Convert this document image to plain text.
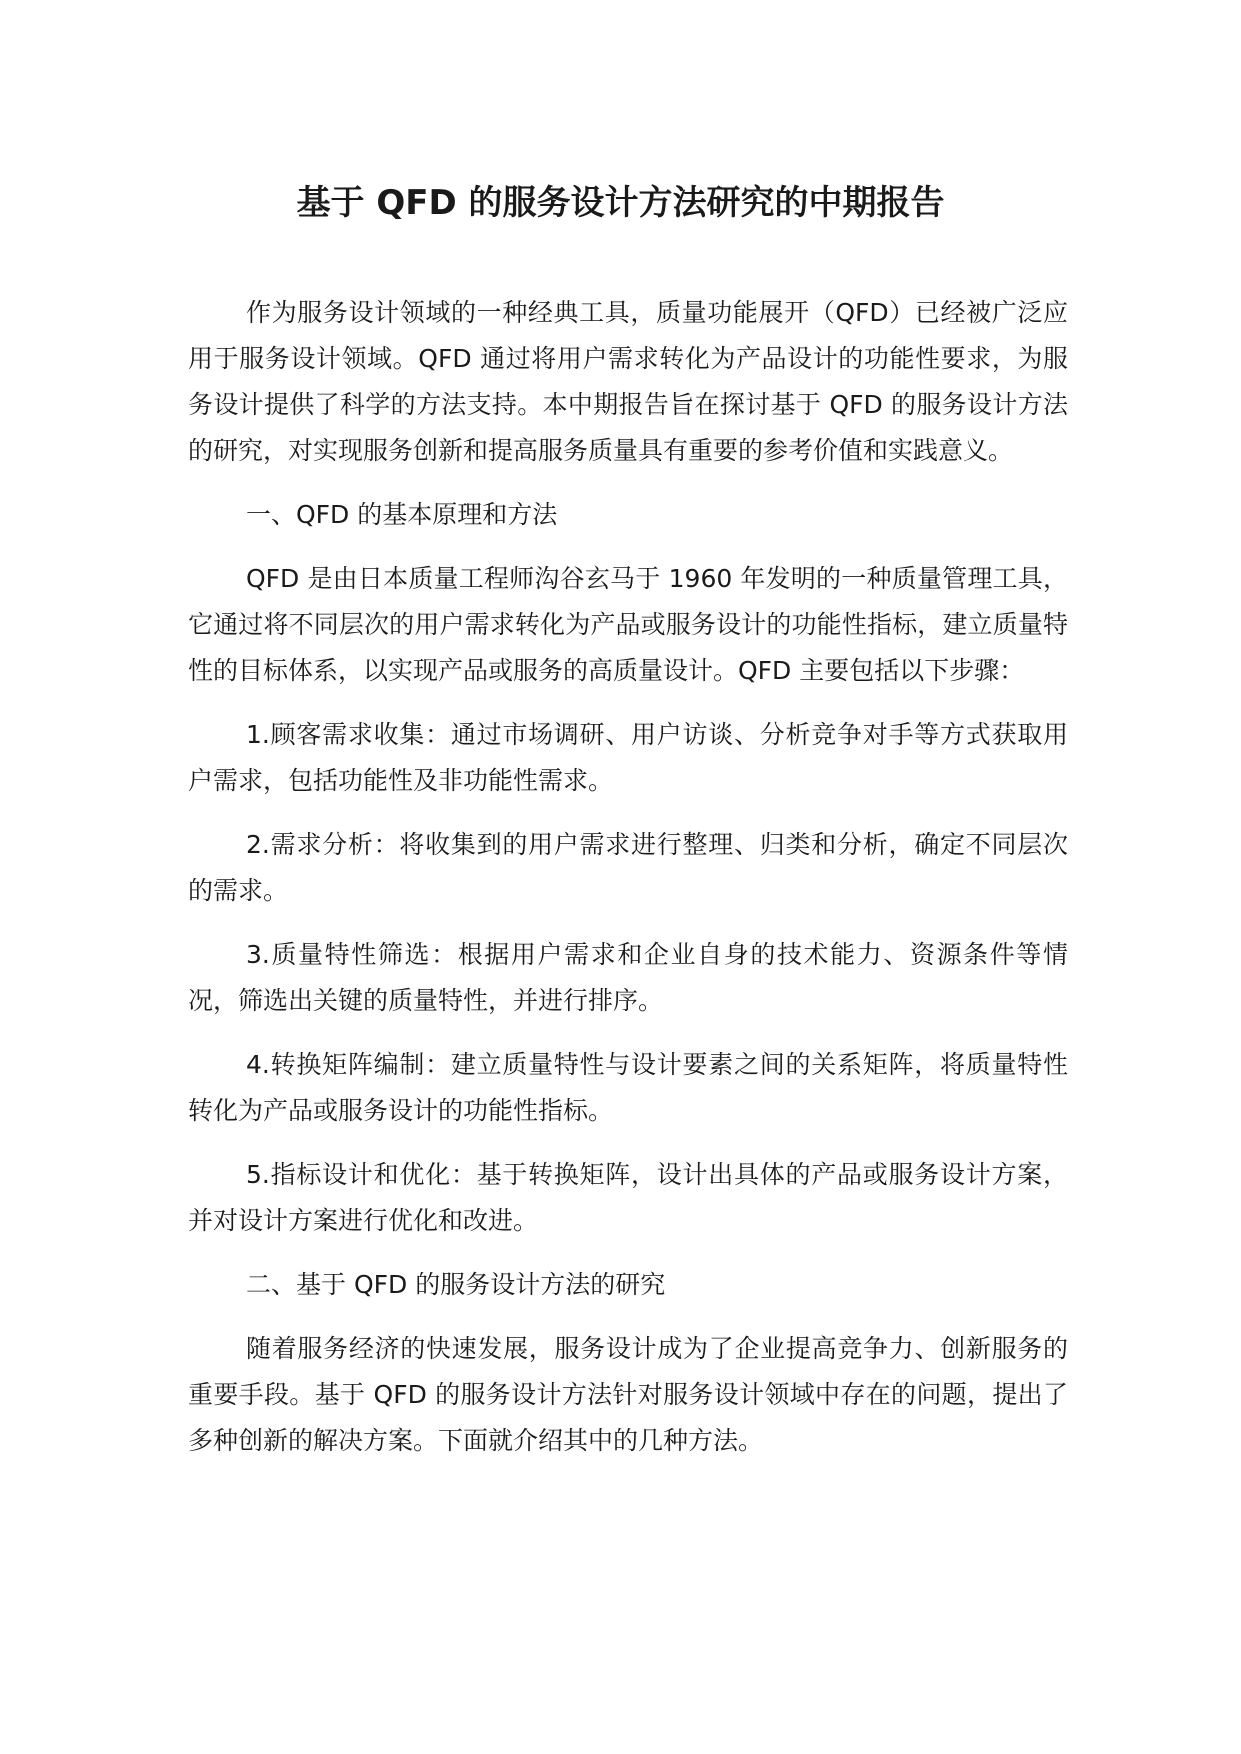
基于 QFD 的服务设计方法研究的中期报告

作为服务设计领域的一种经典工具，质量功能展开（QFD）已经被广泛应用于服务设计领域。QFD 通过将用户需求转化为产品设计的功能性要求，为服务设计提供了科学的方法支持。本中期报告旨在探讨基于 QFD 的服务设计方法的研究，对实现服务创新和提高服务质量具有重要的参考价值和实践意义。

一、QFD 的基本原理和方法

QFD 是由日本质量工程师沟谷玄马于 1960 年发明的一种质量管理工具，它通过将不同层次的用户需求转化为产品或服务设计的功能性指标，建立质量特性的目标体系，以实现产品或服务的高质量设计。QFD 主要包括以下步骤：

1.顾客需求收集：通过市场调研、用户访谈、分析竞争对手等方式获取用户需求，包括功能性及非功能性需求。

2.需求分析：将收集到的用户需求进行整理、归类和分析，确定不同层次的需求。

3.质量特性筛选：根据用户需求和企业自身的技术能力、资源条件等情况，筛选出关键的质量特性，并进行排序。

4.转换矩阵编制：建立质量特性与设计要素之间的关系矩阵，将质量特性转化为产品或服务设计的功能性指标。

5.指标设计和优化：基于转换矩阵，设计出具体的产品或服务设计方案，并对设计方案进行优化和改进。

二、基于 QFD 的服务设计方法的研究

随着服务经济的快速发展，服务设计成为了企业提高竞争力、创新服务的重要手段。基于 QFD 的服务设计方法针对服务设计领域中存在的问题，提出了多种创新的解决方案。下面就介绍其中的几种方法。
